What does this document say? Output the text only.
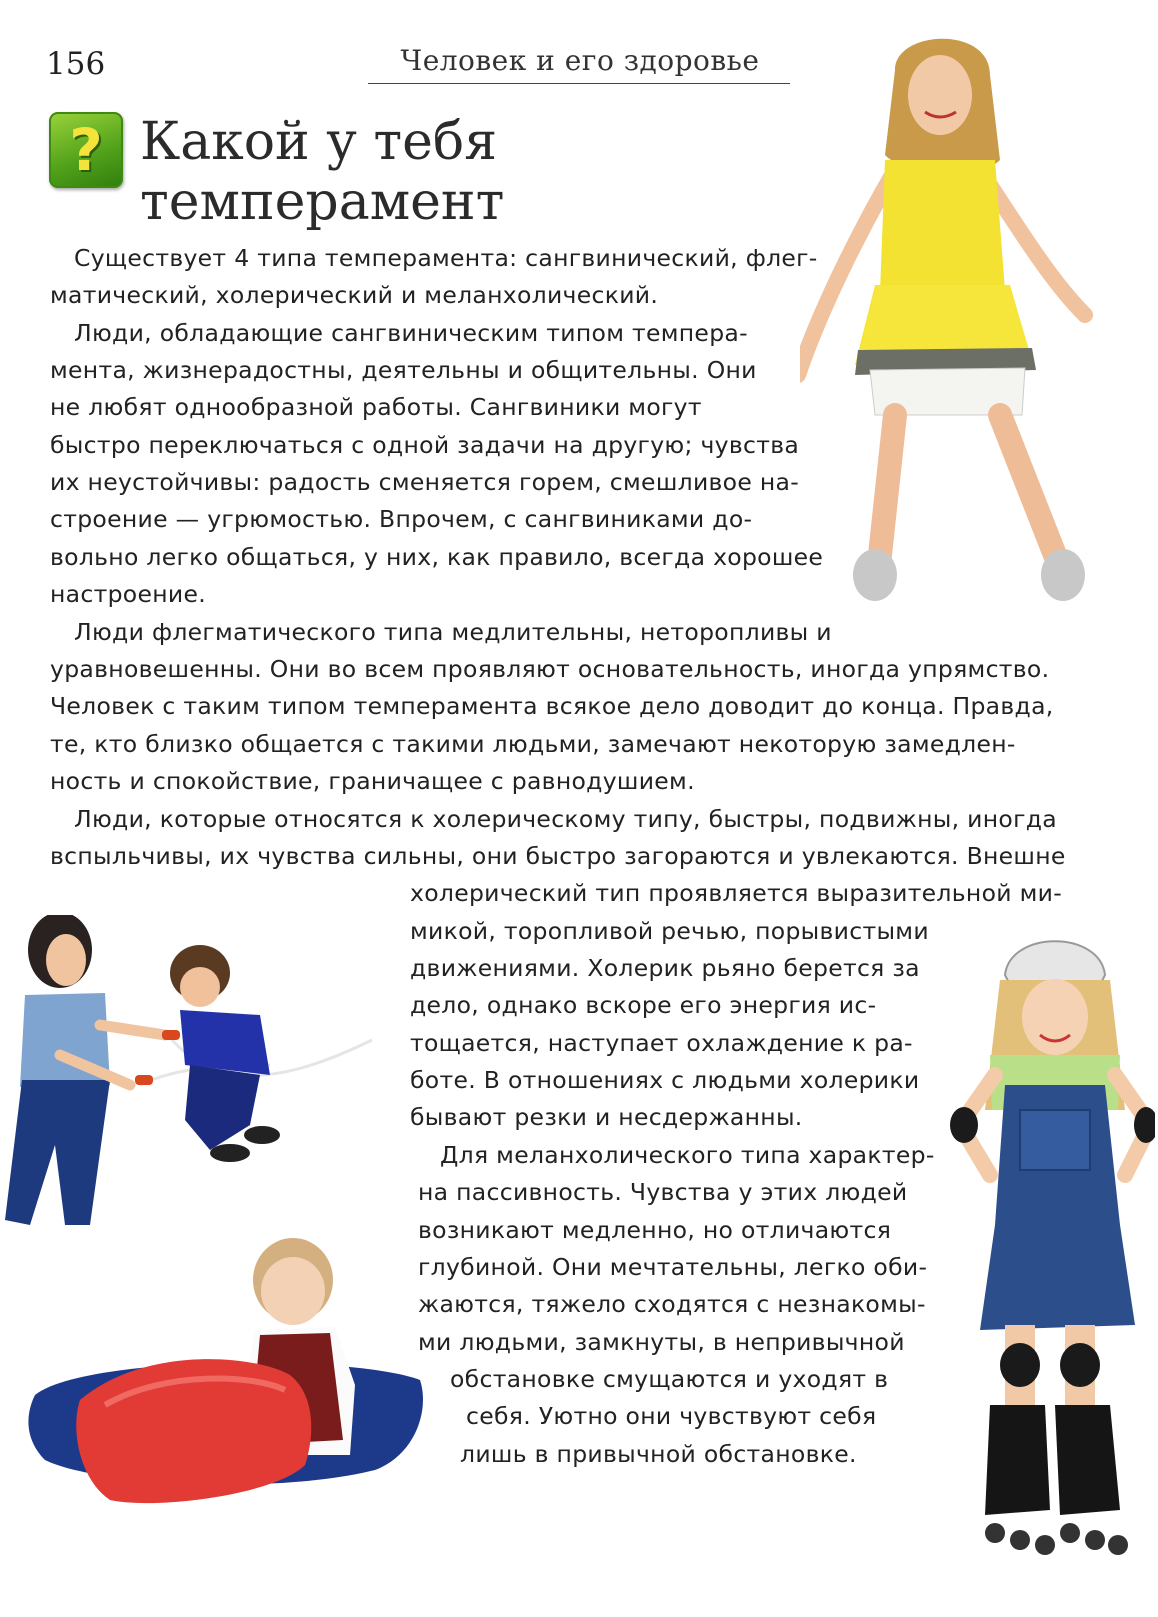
156	Человек и его здоровье
? Какой у тебя
темперамент
Существует 4 типа темперамента: сангвинический, флег-
матический, холерический и меланхолический.
Люди, обладающие сангвиническим типом темпера-
мента, жизнерадостны, деятельны и общительны. Они
не любят однообразной работы. Сангвиники могут
быстро переключаться с одной задачи на другую; чувства
их неустойчивы: радость сменяется горем, смешливое на-
строение — угрюмостью. Впрочем, с сангвиниками до-
вольно легко общаться, у них, как правило, всегда хорошее
настроение.
Люди флегматического типа медлительны, неторопливы и
уравновешенны. Они во всем проявляют основательность, иногда упрямство.
Человек с таким типом темперамента всякое дело доводит до конца. Правда,
те, кто близко общается с такими людьми, замечают некоторую замедлен-
ность и спокойствие, граничащее с равнодушием.
Люди, которые относятся к холерическому типу, быстры, подвижны, иногда
вспыльчивы, их чувства сильны, они быстро загораются и увлекаются. Внешне
холерический тип проявляется выразительной ми-
микой, торопливой речью, порывистыми
движениями. Холерик рьяно берется за
дело, однако вскоре его энергия ис-
тощается, наступает охлаждение к ра-
боте. В отношениях с людьми холерики
бывают резки и несдержанны.
Для меланхолического типа характер-
на пассивность. Чувства у этих людей
возникают медленно, но отличаются
глубиной. Они мечтательны, легко оби-
жаются, тяжело сходятся с незнакомы-
ми людьми, замкнуты, в непривычной
обстановке смущаются и уходят в
себя. Уютно они чувствуют себя
лишь в привычной обстановке.
